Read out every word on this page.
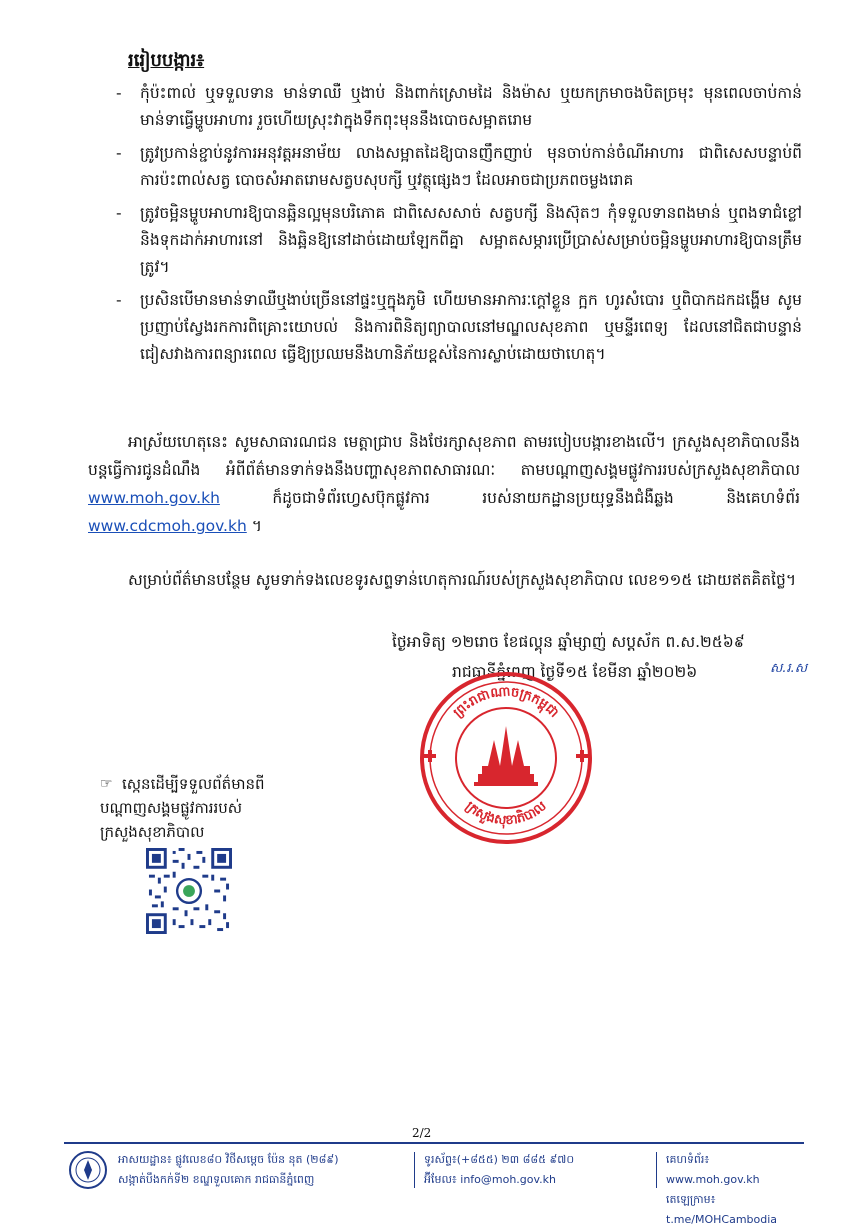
ររៀបបង្ការ៖
- កុំប៉ះពាល់ ឬទទួលទាន មាន់ទាឈឺ ឬងាប់ និងពាក់ស្រោមដៃ និងម៉ាស ឬយកក្រមាចងបិតច្រមុះ មុនពេលចាប់កាន់មាន់ទាធ្វើម្ហូបអាហារ រួចហើយស្រុះវាក្នុងទឹកពុះមុននឹងបោចសម្អាតរោម
- ត្រូវប្រកាន់ខ្ជាប់នូវការអនុវត្តអនាម័យ លាងសម្អាតដៃឱ្យបានញឹកញាប់ មុនចាប់កាន់ចំណីអាហារ ជាពិសេសបន្ទាប់ពីការប៉ះពាល់សត្វ បោចសំអាតរោមសត្វបសុបក្សី ឬវត្ថុផ្សេងៗ ដែលអាចជាប្រភពចម្លងរោគ
- ត្រូវចម្អិនម្ហូបអាហារឱ្យបានឆ្អិនល្អមុនបរិភោគ ជាពិសេសសាច់ សត្វបក្សី និងស៊ុតៗ កុំទទួលទានពងមាន់ ឬពងទាជំខ្លៅ និងទុកដាក់អាហារនៅ និងឆ្អិនឱ្យនៅដាច់ដោយឡែកពីគ្នា សម្អាតសម្ភារប្រើប្រាស់សម្រាប់ចម្អិនម្ហូបអាហារឱ្យបានត្រឹមត្រូវ។
- ប្រសិនបើមានមាន់ទាឈឺឬងាប់ច្រើននៅផ្ទះឬក្នុងភូមិ ហើយមានអាការៈក្ដៅខ្លួន ក្អក ហូរសំបោរ ឬពិបាកដកដង្ហើម សូមប្រញាប់ស្វែងរកការពិគ្រោះយោបល់ និងការពិនិត្យព្យាបាលនៅមណ្ឌលសុខភាព ឬមន្ទីរពេទ្យ ដែលនៅជិតជាបន្ទាន់ ជៀសវាងការពន្យារពេល ធ្វើឱ្យប្រឈមនឹងហានិភ័យខ្ពស់នៃការស្លាប់ដោយថាហេតុ។
អាស្រ័យហេតុនេះ សូមសាធារណជន មេត្តាជ្រាប និងថែរក្សាសុខភាព តាមរបៀបបង្ការខាងលើ។ ក្រសួងសុខាភិបាលនឹងបន្តធ្វើការជូនដំណឹង អំពីព័ត៌មានទាក់ទងនឹងបញ្ហាសុខភាពសាធារណៈ តាមបណ្ដាញសង្គមផ្លូវការរបស់ក្រសួងសុខាភិបាល www.moh.gov.kh ក៏ដូចជាទំព័រហ្វេសប៊ុកផ្លូវការ របស់នាយកដ្ឋានប្រយុទ្ធនឹងជំងឺឆ្លង និងគេហទំព័រ www.cdcmoh.gov.kh ។
សម្រាប់ព័ត៌មានបន្ថែម សូមទាក់ទងលេខទូរសព្ទទាន់ហេតុការណ៍របស់ក្រសួងសុខាភិបាល លេខ១១៥ ដោយឥតគិតថ្លៃ។
ថ្ងៃអាទិត្យ ១២រោច ខែផល្គុន ឆ្នាំម្សាញ់ សប្តស័ក ព.ស.២៥៦៩
រាជធានីភ្នំពេញ ថ្ងៃទី១៥ ខែមីនា ឆ្នាំ២០២៦	ស.រ.ស
ព្រះរាជាណាចក្រកម្ពុជា
ក្រសួងសុខាភិបាល
☞ ស្កេនដើម្បីទទួលព័ត៌មានពី
បណ្ដាញសង្គមផ្លូវការរបស់
ក្រសួងសុខាភិបាល
2/2
អាសយដ្ឋាន៖ ផ្លូវលេខ៨០ វិថីសម្តេច ប៉ែន នុត (២៨៩)
សង្កាត់បឹងកក់ទី២ ខណ្ឌទួលគោក រាជធានីភ្នំពេញ
ទូរស័ព្ទ៖(+៨៥៥) ២៣ ៨៨៥ ៩៧០
អ៊ីមែល៖ info@moh.gov.kh
គេហទំព័រ៖ www.moh.gov.kh
តេឡេក្រាម៖ t.me/MOHCambodia
